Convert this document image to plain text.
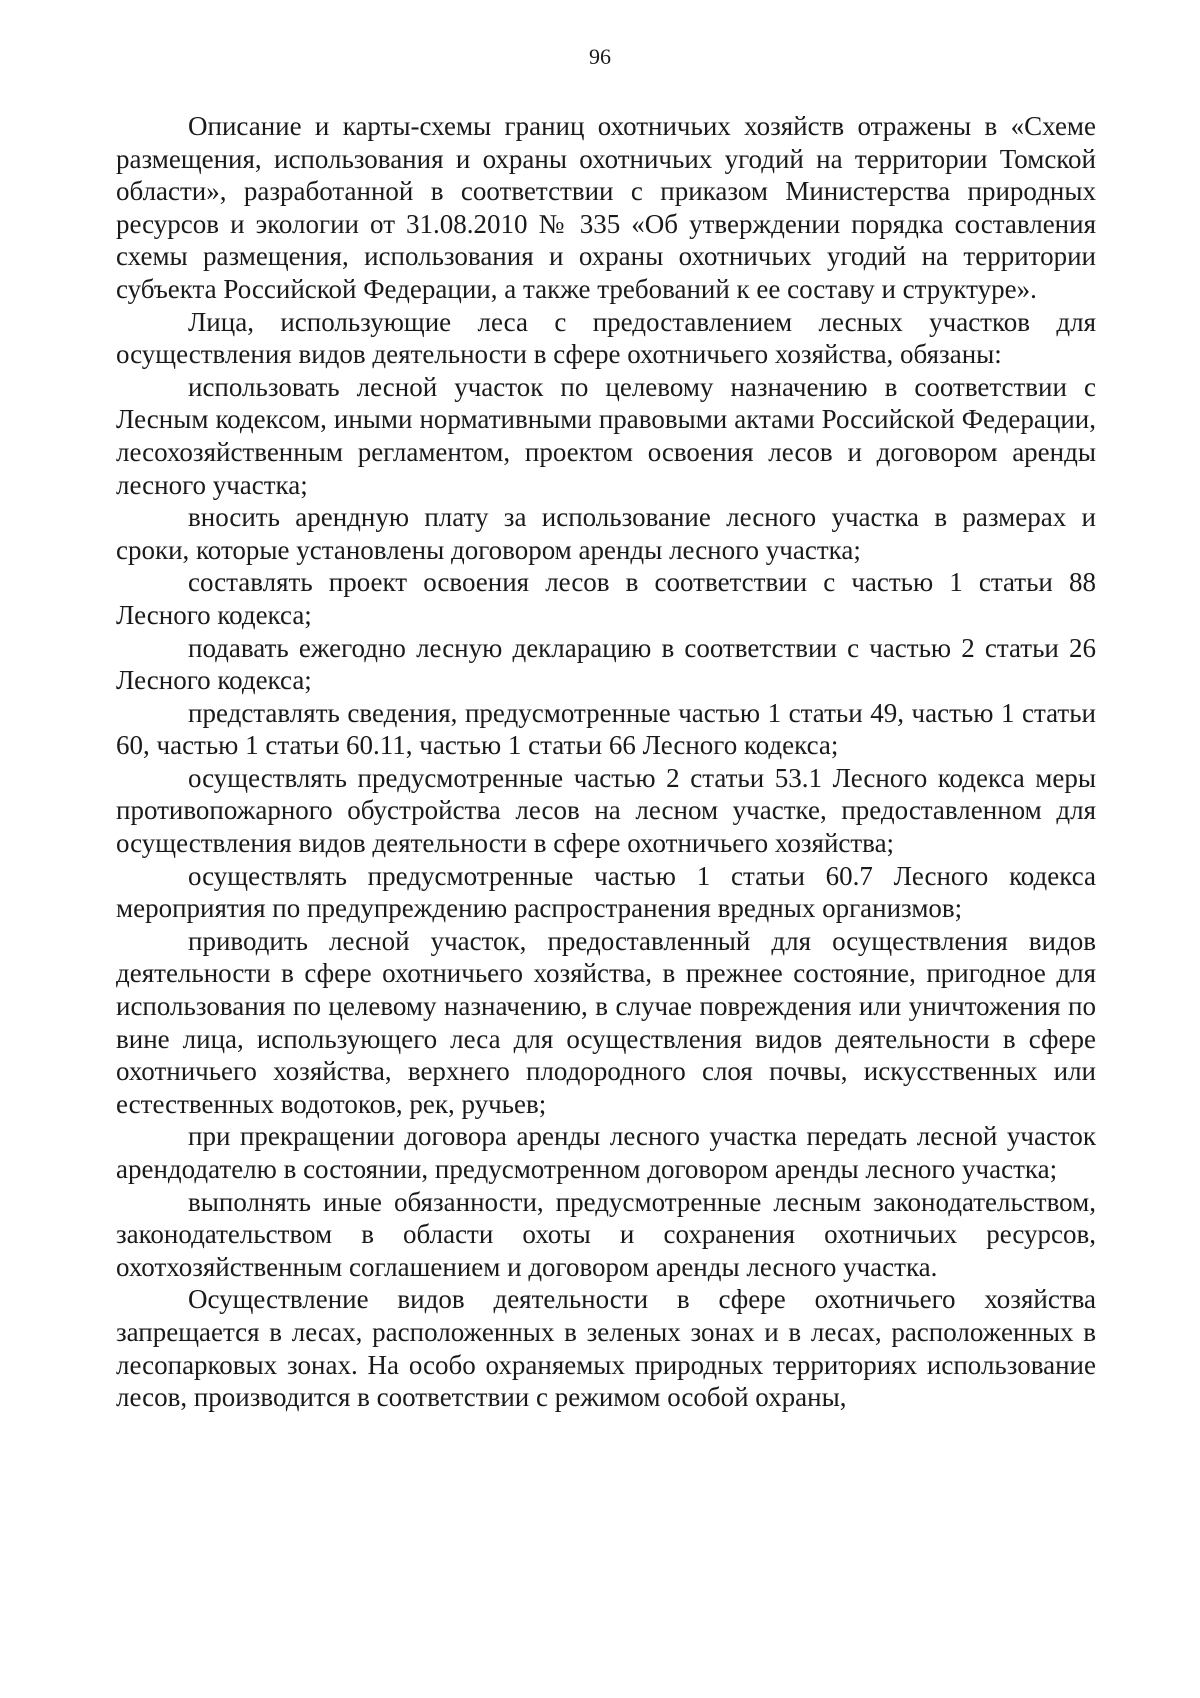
96

Описание и карты-схемы границ охотничьих хозяйств отражены в «Схеме размещения, использования и охраны охотничьих угодий на территории Томской области», разработанной в соответствии с приказом Министерства природных ресурсов и экологии от 31.08.2010 № 335 «Об утверждении порядка составления схемы размещения, использования и охраны охотничьих угодий на территории субъекта Российской Федерации, а также требований к ее составу и структуре».

Лица, использующие леса с предоставлением лесных участков для осуществления видов деятельности в сфере охотничьего хозяйства, обязаны:

использовать лесной участок по целевому назначению в соответствии с Лесным кодексом, иными нормативными правовыми актами Российской Федерации, лесохозяйственным регламентом, проектом освоения лесов и договором аренды лесного участка;

вносить арендную плату за использование лесного участка в размерах и сроки, которые установлены договором аренды лесного участка;

составлять проект освоения лесов в соответствии с частью 1 статьи 88 Лесного кодекса;

подавать ежегодно лесную декларацию в соответствии с частью 2 статьи 26 Лесного кодекса;

представлять сведения, предусмотренные частью 1 статьи 49, частью 1 статьи 60, частью 1 статьи 60.11, частью 1 статьи 66 Лесного кодекса;

осуществлять предусмотренные частью 2 статьи 53.1 Лесного кодекса меры противопожарного обустройства лесов на лесном участке, предоставленном для осуществления видов деятельности в сфере охотничьего хозяйства;

осуществлять предусмотренные частью 1 статьи 60.7 Лесного кодекса мероприятия по предупреждению распространения вредных организмов;

приводить лесной участок, предоставленный для осуществления видов деятельности в сфере охотничьего хозяйства, в прежнее состояние, пригодное для использования по целевому назначению, в случае повреждения или уничтожения по вине лица, использующего леса для осуществления видов деятельности в сфере охотничьего хозяйства, верхнего плодородного слоя почвы, искусственных или естественных водотоков, рек, ручьев;

при прекращении договора аренды лесного участка передать лесной участок арендодателю в состоянии, предусмотренном договором аренды лесного участка;

выполнять иные обязанности, предусмотренные лесным законодательством, законодательством в области охоты и сохранения охотничьих ресурсов, охотхозяйственным соглашением и договором аренды лесного участка.

Осуществление видов деятельности в сфере охотничьего хозяйства запрещается в лесах, расположенных в зеленых зонах и в лесах, расположенных в лесопарковых зонах. На особо охраняемых природных территориях использование лесов, производится в соответствии с режимом особой охраны,
